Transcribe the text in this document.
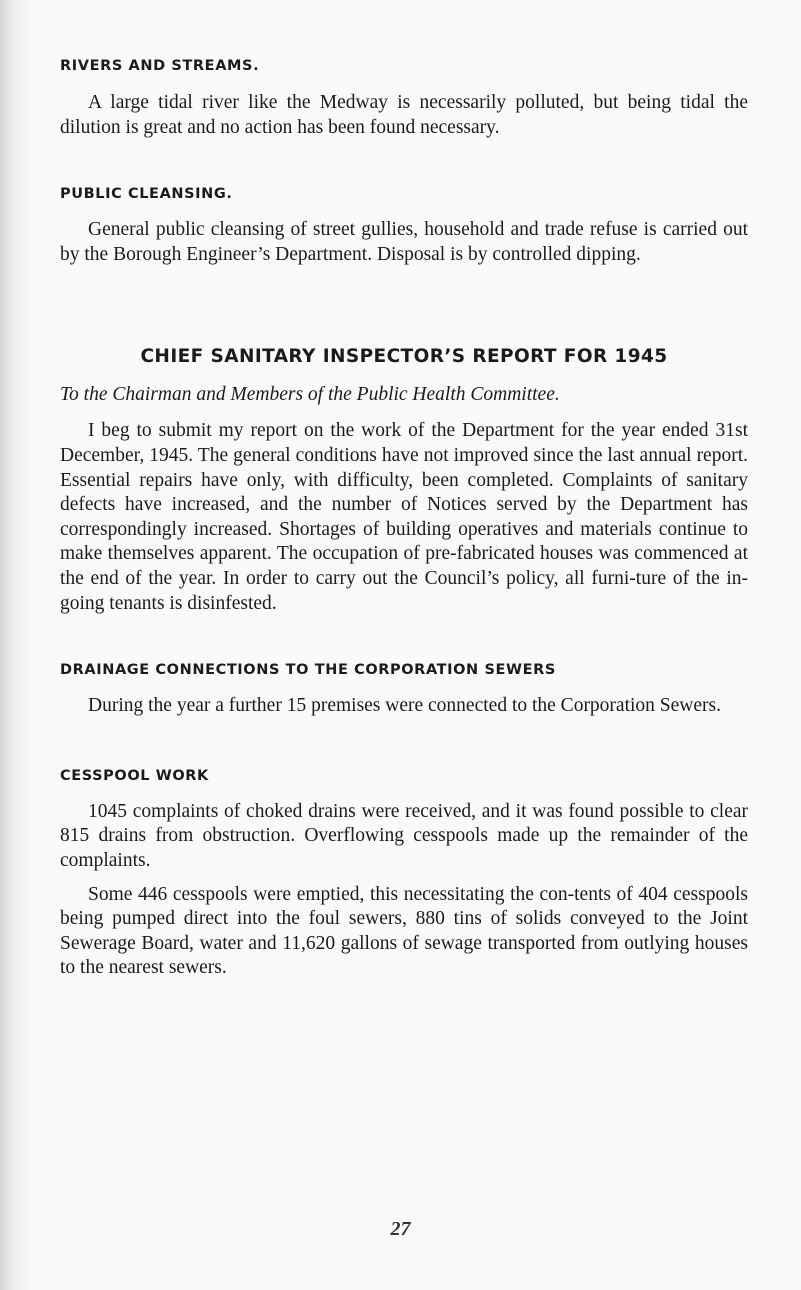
RIVERS AND STREAMS.

A large tidal river like the Medway is necessarily polluted, but being tidal the dilution is great and no action has been found necessary.

PUBLIC CLEANSING.

General public cleansing of street gullies, household and trade refuse is carried out by the Borough Engineer’s Department. Disposal is by controlled dipping.

CHIEF SANITARY INSPECTOR’S REPORT FOR 1945

To the Chairman and Members of the Public Health Committee.

I beg to submit my report on the work of the Department for the year ended 31st December, 1945. The general conditions have not improved since the last annual report. Essential repairs have only, with difficulty, been completed. Complaints of sanitary defects have increased, and the number of Notices served by the Department has correspondingly increased. Shortages of building operatives and materials continue to make themselves apparent. The occupation of pre-fabricated houses was commenced at the end of the year. In order to carry out the Council’s policy, all furni-ture of the in-going tenants is disinfested.

DRAINAGE CONNECTIONS TO THE CORPORATION SEWERS

During the year a further 15 premises were connected to the Corporation Sewers.

CESSPOOL WORK

1045 complaints of choked drains were received, and it was found possible to clear 815 drains from obstruction. Overflowing cesspools made up the remainder of the complaints.

Some 446 cesspools were emptied, this necessitating the con-tents of 404 cesspools being pumped direct into the foul sewers, 880 tins of solids conveyed to the Joint Sewerage Board, water and 11,620 gallons of sewage transported from outlying houses to the nearest sewers.

27
